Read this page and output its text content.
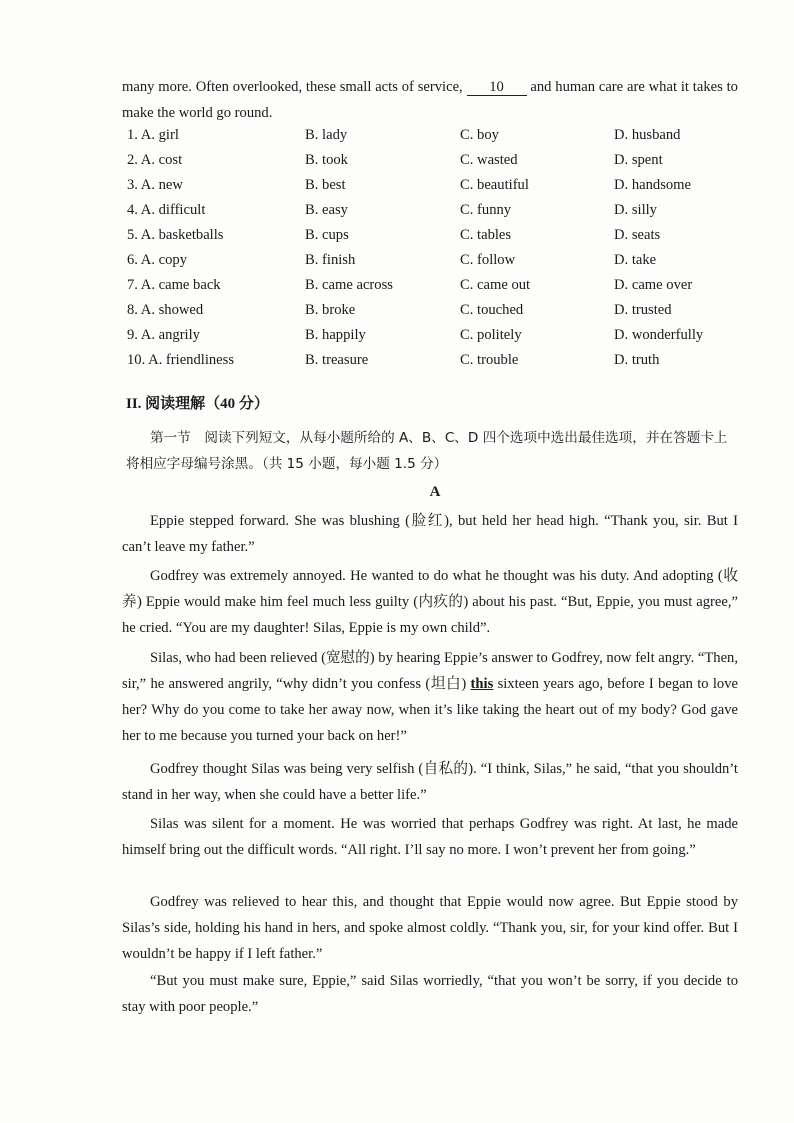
many more. Often overlooked, these small acts of service, 10 and human care are what it takes to make the world go round.
1. A. girl	B. lady	C. boy	D. husband
2. A. cost	B. took	C. wasted	D. spent
3. A. new	B. best	C. beautiful	D. handsome
4. A. difficult	B. easy	C. funny	D. silly
5. A. basketballs	B. cups	C. tables	D. seats
6. A. copy	B. finish	C. follow	D. take
7. A. came back	B. came across	C. came out	D. came over
8. A. showed	B. broke	C. touched	D. trusted
9. A. angrily	B. happily	C. politely	D. wonderfully
10. A. friendliness	B. treasure	C. trouble	D. truth
II. 阅读理解（40 分）
第一节　阅读下列短文，从每小题所给的 A、B、C、D 四个选项中选出最佳选项，并在答题卡上将相应字母编号涂黑。（共 15 小题，每小题 1.5 分）
A
Eppie stepped forward. She was blushing (脸红), but held her head high. “Thank you, sir. But I can’t leave my father.”
Godfrey was extremely annoyed. He wanted to do what he thought was his duty. And adopting (收养) Eppie would make him feel much less guilty (内疚的) about his past. “But, Eppie, you must agree,” he cried. “You are my daughter! Silas, Eppie is my own child”.
Silas, who had been relieved (宽慰的) by hearing Eppie’s answer to Godfrey, now felt angry. “Then, sir,” he answered angrily, “why didn’t you confess (坦白) this sixteen years ago, before I began to love her? Why do you come to take her away now, when it’s like taking the heart out of my body? God gave her to me because you turned your back on her!”
Godfrey thought Silas was being very selfish (自私的). “I think, Silas,” he said, “that you shouldn’t stand in her way, when she could have a better life.”
Silas was silent for a moment. He was worried that perhaps Godfrey was right. At last, he made himself bring out the difficult words. “All right. I’ll say no more. I won’t prevent her from going.”
Godfrey was relieved to hear this, and thought that Eppie would now agree. But Eppie stood by Silas’s side, holding his hand in hers, and spoke almost coldly. “Thank you, sir, for your kind offer. But I wouldn’t be happy if I left father.”
“But you must make sure, Eppie,” said Silas worriedly, “that you won’t be sorry, if you decide to stay with poor people.”
